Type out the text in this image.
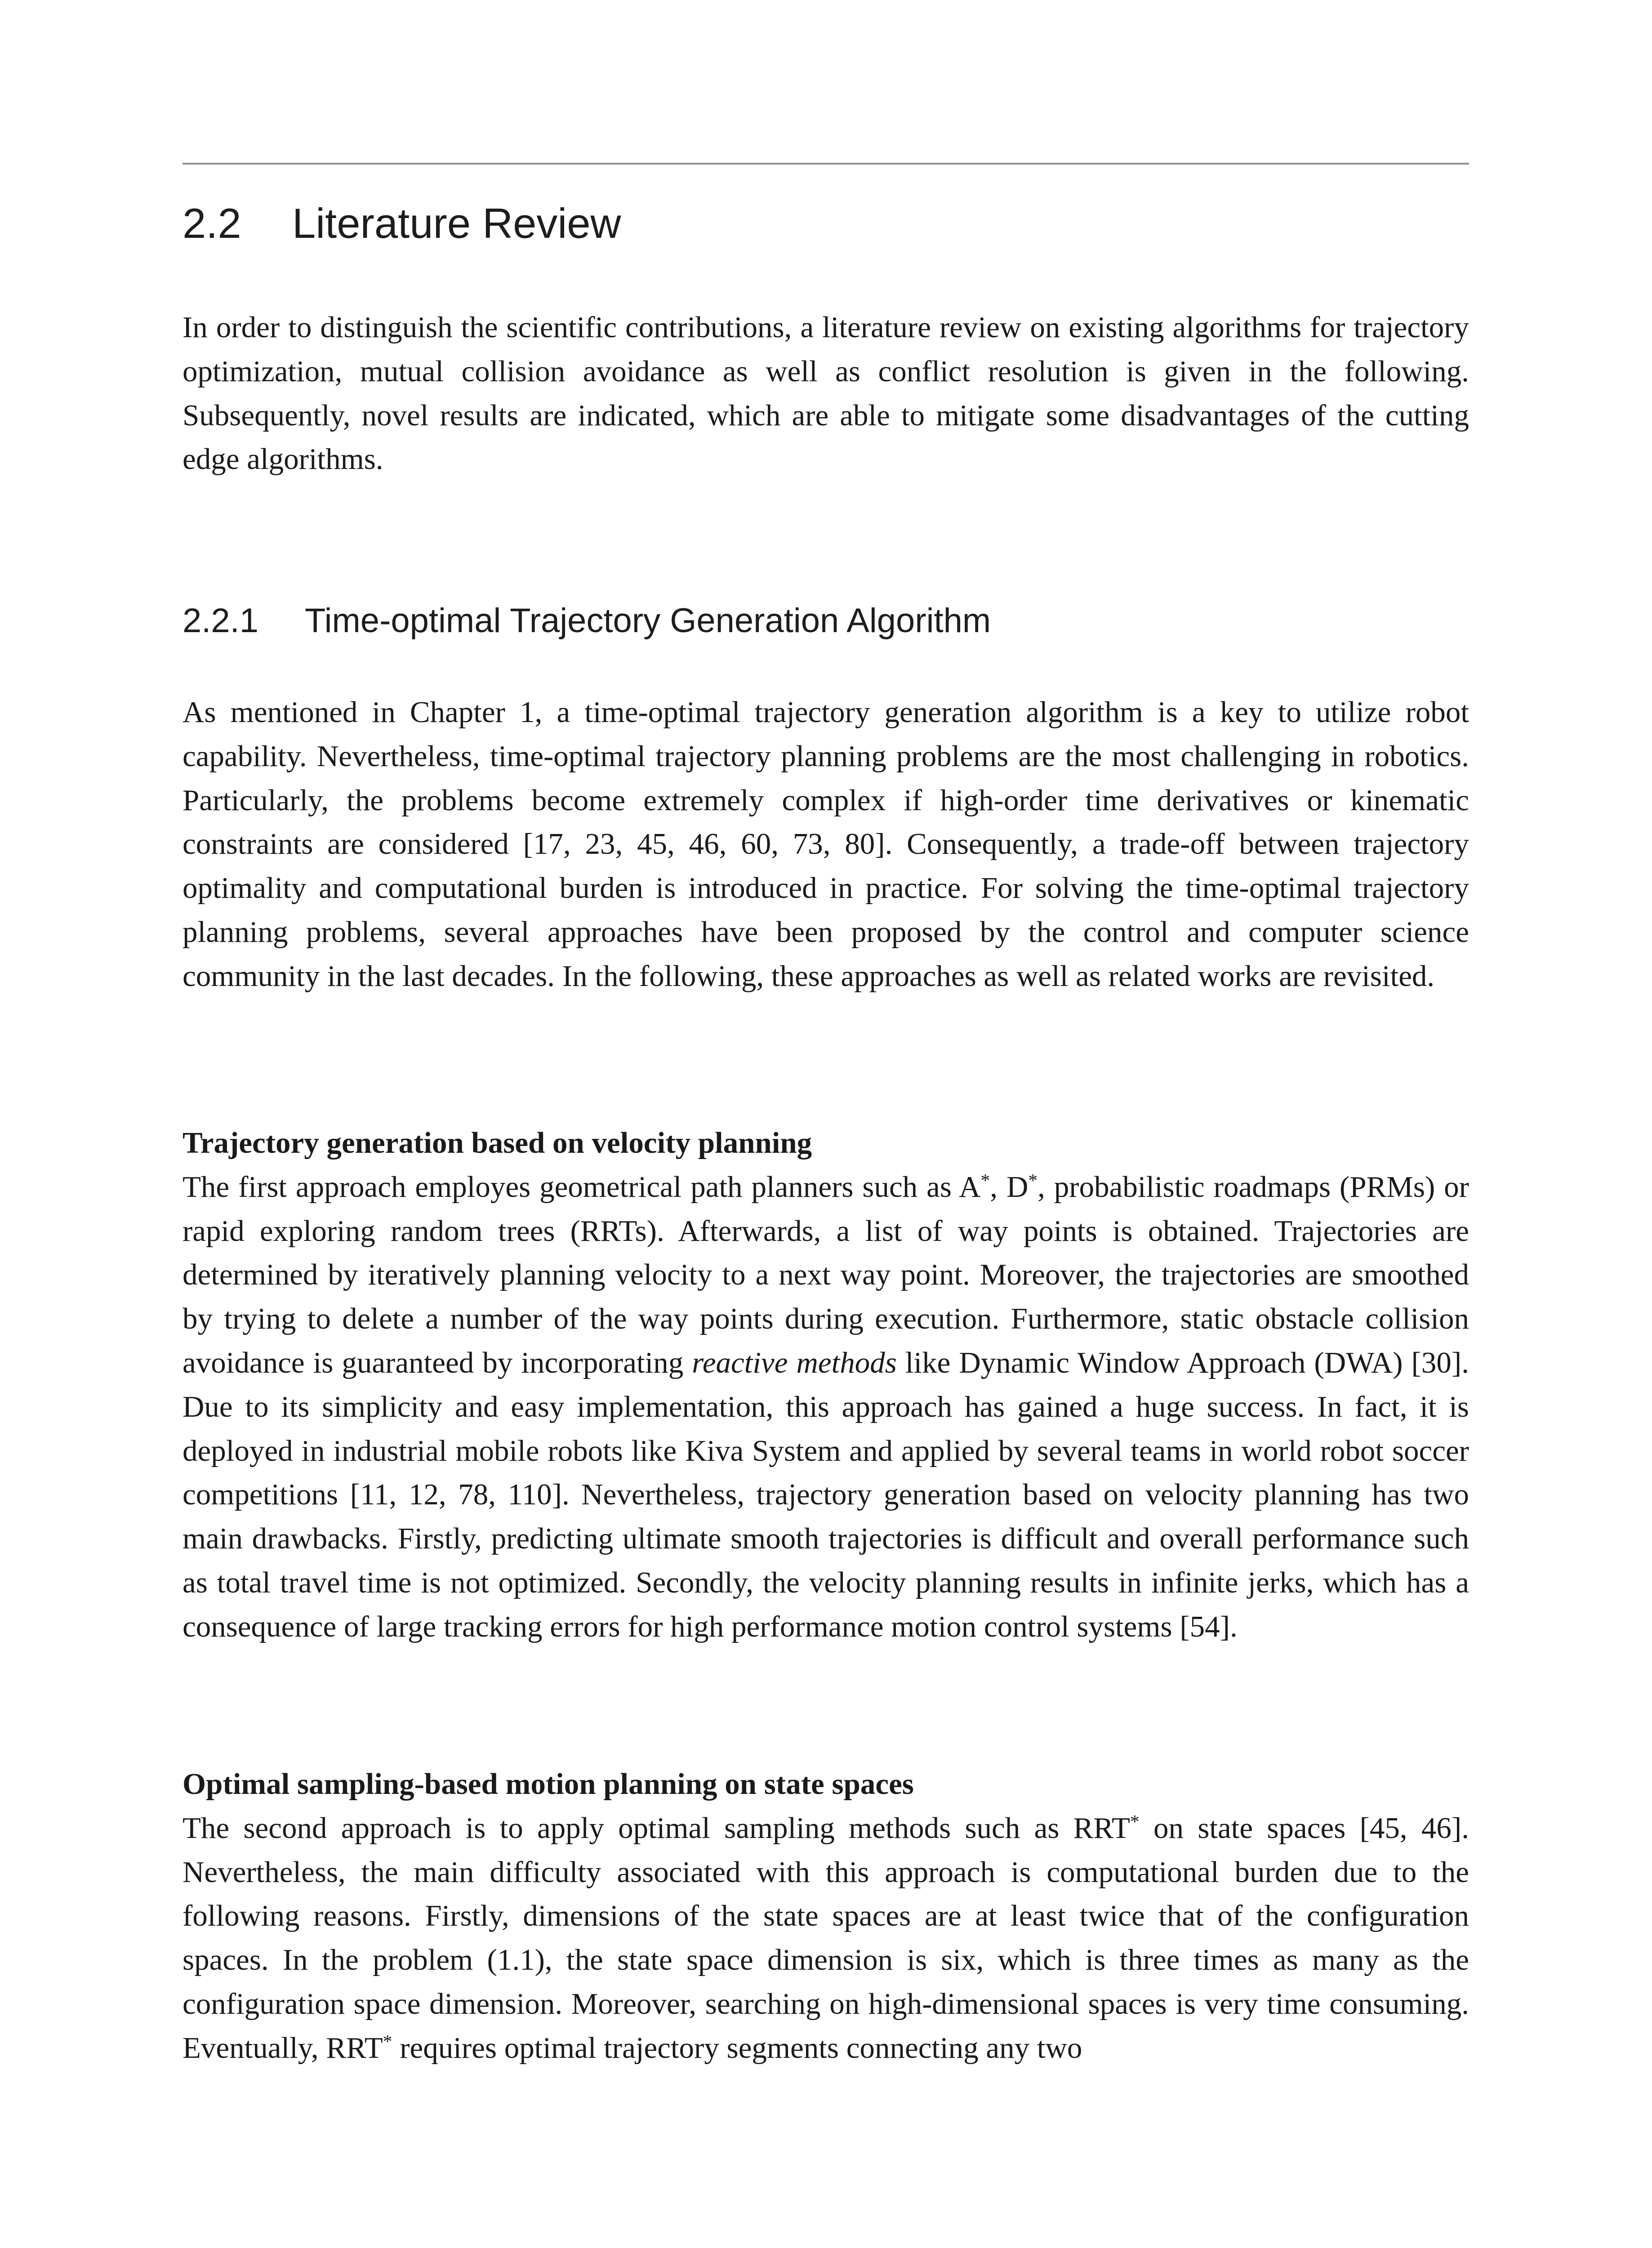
2.2 Literature Review

In order to distinguish the scientific contributions, a literature review on existing algorithms for trajectory optimization, mutual collision avoidance as well as conflict resolution is given in the following. Subsequently, novel results are indicated, which are able to mitigate some disadvantages of the cutting edge algorithms.

2.2.1 Time-optimal Trajectory Generation Algorithm

As mentioned in Chapter 1, a time-optimal trajectory generation algorithm is a key to utilize robot capability. Nevertheless, time-optimal trajectory planning problems are the most challenging in robotics. Particularly, the problems become extremely complex if high-order time derivatives or kinematic constraints are considered [17, 23, 45, 46, 60, 73, 80]. Consequently, a trade-off between trajectory optimality and computational burden is introduced in practice. For solving the time-optimal trajectory planning problems, several approaches have been proposed by the control and computer science community in the last decades. In the following, these approaches as well as related works are revisited.

Trajectory generation based on velocity planning
The first approach employes geometrical path planners such as A*, D*, probabilistic roadmaps (PRMs) or rapid exploring random trees (RRTs). Afterwards, a list of way points is obtained. Trajectories are determined by iteratively planning velocity to a next way point. Moreover, the trajectories are smoothed by trying to delete a number of the way points during execution. Furthermore, static obstacle collision avoidance is guaranteed by incorporating reactive methods like Dynamic Window Approach (DWA) [30]. Due to its simplicity and easy implementation, this approach has gained a huge success. In fact, it is deployed in industrial mobile robots like Kiva System and applied by several teams in world robot soccer competitions [11, 12, 78, 110]. Nevertheless, trajectory generation based on velocity planning has two main drawbacks. Firstly, predicting ultimate smooth trajectories is difficult and overall performance such as total travel time is not optimized. Secondly, the velocity planning results in infinite jerks, which has a consequence of large tracking errors for high performance motion control systems [54].

Optimal sampling-based motion planning on state spaces
The second approach is to apply optimal sampling methods such as RRT* on state spaces [45, 46]. Nevertheless, the main difficulty associated with this approach is computational burden due to the following reasons. Firstly, dimensions of the state spaces are at least twice that of the configuration spaces. In the problem (1.1), the state space dimension is six, which is three times as many as the configuration space dimension. Moreover, searching on high-dimensional spaces is very time consuming. Eventually, RRT* requires optimal trajectory segments connecting any two
